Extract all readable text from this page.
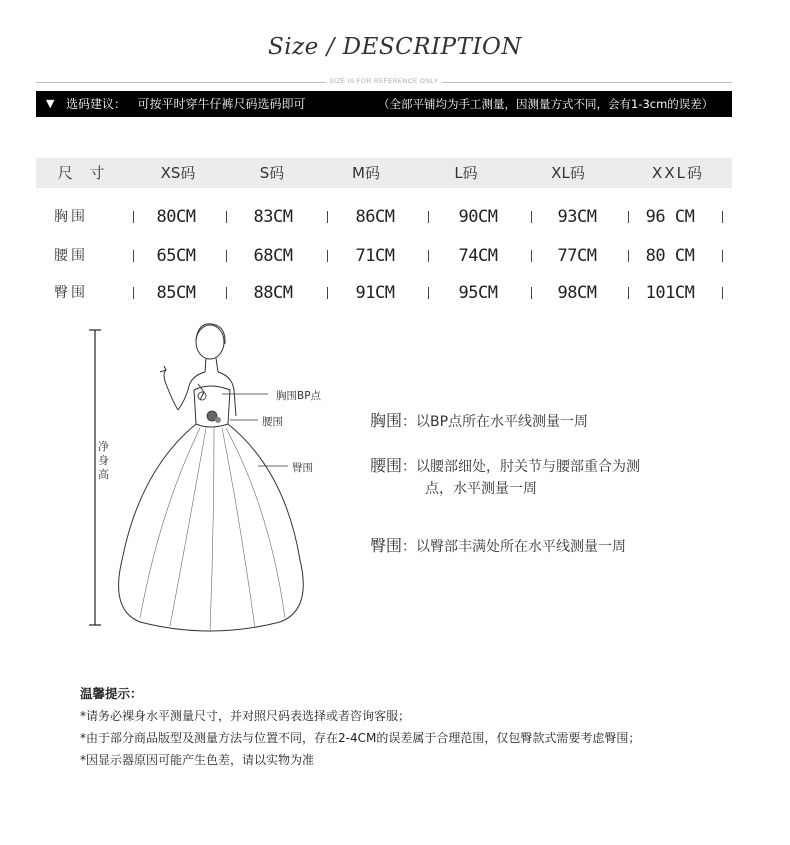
Size / DESCRIPTION
SIZE IS FOR REFERENCE ONLY
▼ 选码建议：   可按平时穿牛仔裤尺码选码即可	（全部平铺均为手工测量，因测量方式不同，会有1-3cm的误差）
尺 寸	XS码	S码	M码	L码	XL码	XXL码
胸围	80CM	83CM	86CM	90CM	93CM	96 CM
腰围	65CM	68CM	71CM	74CM	77CM	80 CM
臀围	85CM	88CM	91CM	95CM	98CM	101CM
净
身
高
胸围BP点
腰围
臀围
胸围：以BP点所在水平线测量一周
腰围：以腰部细处，肘关节与腰部重合为测
点，水平测量一周
臀围：以臀部丰满处所在水平线测量一周
温馨提示：
*请务必裸身水平测量尺寸，并对照尺码表选择或者咨询客服；
*由于部分商品版型及测量方法与位置不同，存在2-4CM的误差属于合理范围，仅包臀款式需要考虑臀围；
*因显示器原因可能产生色差，请以实物为准
